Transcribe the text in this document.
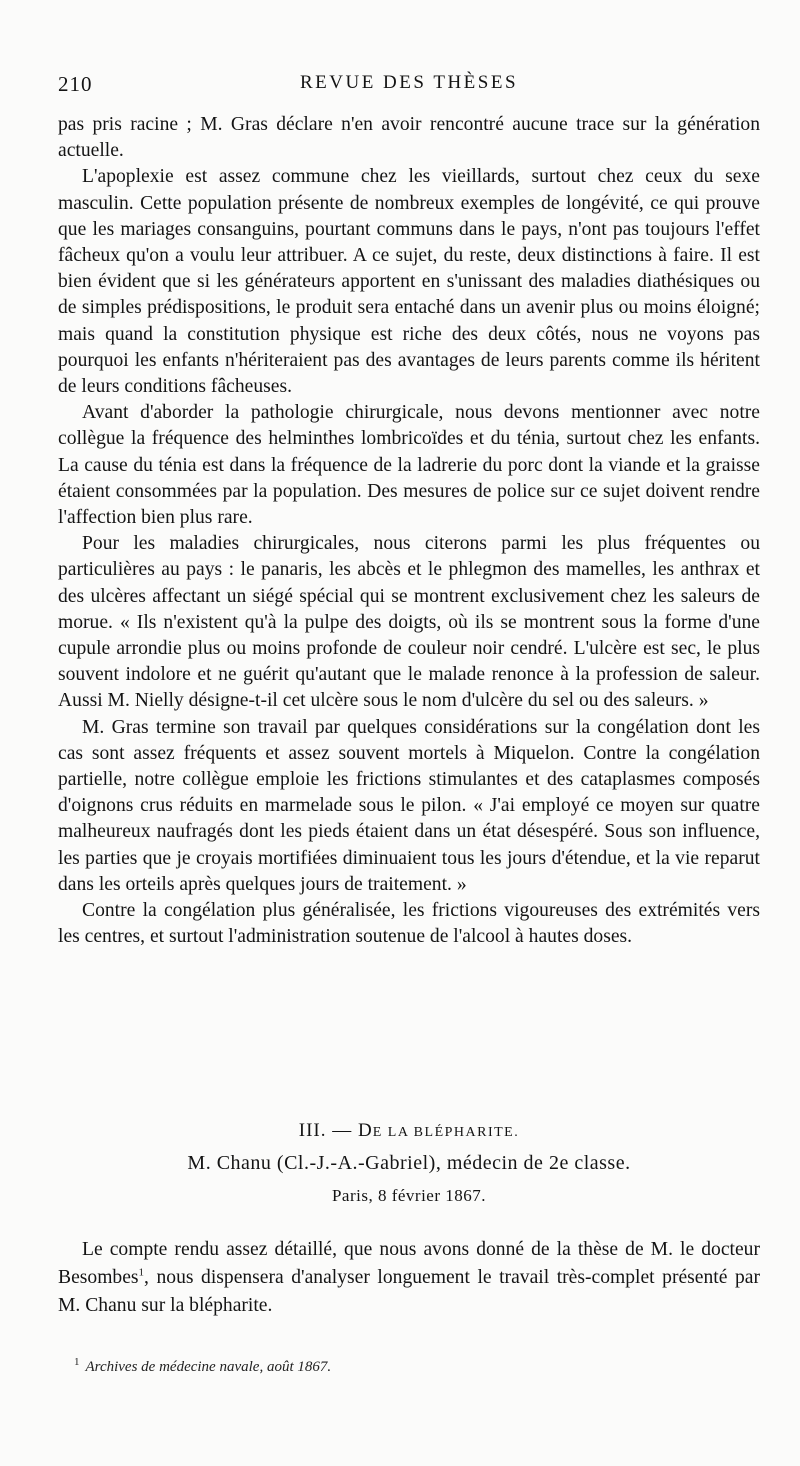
210	REVUE DES THÈSES

pas pris racine ; M. Gras déclare n'en avoir rencontré aucune trace sur la génération actuelle.

L'apoplexie est assez commune chez les vieillards, surtout chez ceux du sexe masculin. Cette population présente de nombreux exemples de longévité, ce qui prouve que les mariages consanguins, pourtant communs dans le pays, n'ont pas toujours l'effet fâcheux qu'on a voulu leur attribuer. A ce sujet, du reste, deux distinctions à faire. Il est bien évident que si les générateurs apportent en s'unissant des maladies diathésiques ou de simples prédispositions, le produit sera entaché dans un avenir plus ou moins éloigné; mais quand la constitution physique est riche des deux côtés, nous ne voyons pas pourquoi les enfants n'hériteraient pas des avantages de leurs parents comme ils héritent de leurs conditions fâcheuses.

Avant d'aborder la pathologie chirurgicale, nous devons mentionner avec notre collègue la fréquence des helminthes lombricoïdes et du ténia, surtout chez les enfants. La cause du ténia est dans la fréquence de la ladrerie du porc dont la viande et la graisse étaient consommées par la population. Des mesures de police sur ce sujet doivent rendre l'affection bien plus rare.

Pour les maladies chirurgicales, nous citerons parmi les plus fréquentes ou particulières au pays : le panaris, les abcès et le phlegmon des mamelles, les anthrax et des ulcères affectant un siégé spécial qui se montrent exclusivement chez les saleurs de morue. « Ils n'existent qu'à la pulpe des doigts, où ils se montrent sous la forme d'une cupule arrondie plus ou moins profonde de couleur noir cendré. L'ulcère est sec, le plus souvent indolore et ne guérit qu'autant que le malade renonce à la profession de saleur. Aussi M. Nielly désigne-t-il cet ulcère sous le nom d'ulcère du sel ou des saleurs. »

M. Gras termine son travail par quelques considérations sur la congélation dont les cas sont assez fréquents et assez souvent mortels à Miquelon. Contre la congélation partielle, notre collègue emploie les frictions stimulantes et des cataplasmes composés d'oignons crus réduits en marmelade sous le pilon. « J'ai employé ce moyen sur quatre malheureux naufragés dont les pieds étaient dans un état désespéré. Sous son influence, les parties que je croyais mortifiées diminuaient tous les jours d'étendue, et la vie reparut dans les orteils après quelques jours de traitement. »

Contre la congélation plus généralisée, les frictions vigoureuses des extrémités vers les centres, et surtout l'administration soutenue de l'alcool à hautes doses.

III. — DE LA BLÉPHARITE.
M. Chanu (Cl.-J.-A.-Gabriel), médecin de 2e classe.
Paris, 8 février 1867.

Le compte rendu assez détaillé, que nous avons donné de la thèse de M. le docteur Besombes$^1$, nous dispensera d'analyser longuement le travail très-complet présenté par M. Chanu sur la blépharite.

$^1$ Archives de médecine navale, août 1867.
